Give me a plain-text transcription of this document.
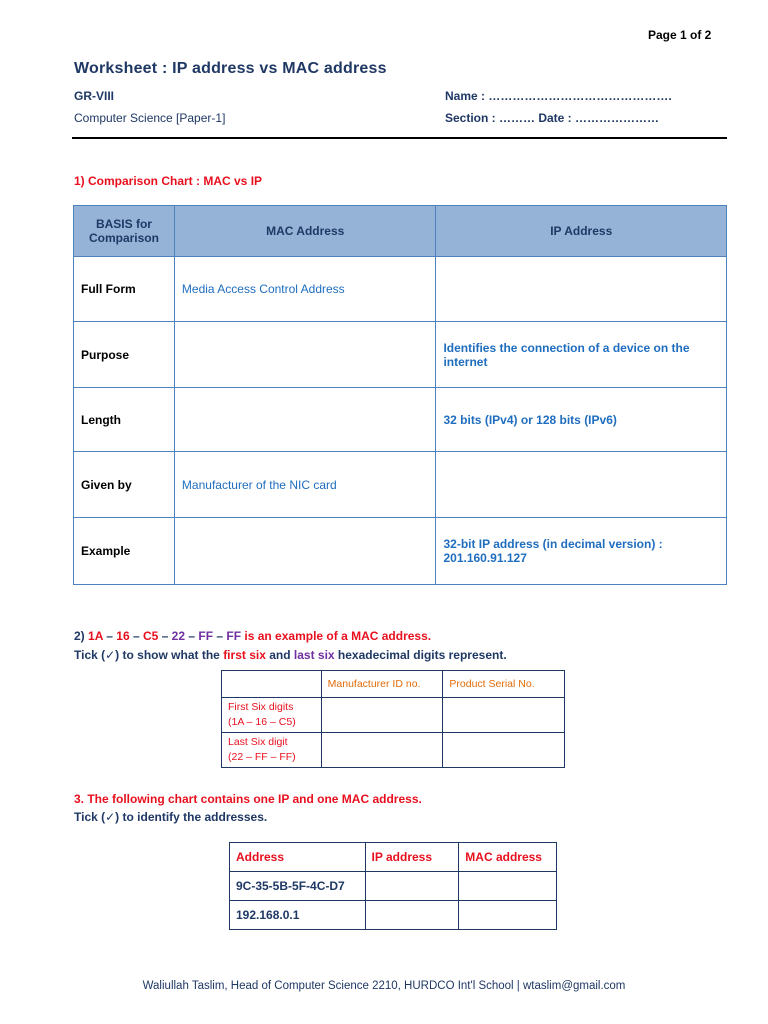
Page 1 of 2
Worksheet : IP address vs MAC address
GR-VIII
Computer Science [Paper-1]
Name : ……………………………………….
Section : ……… Date : …………………
1) Comparison Chart : MAC vs IP
BASIS for Comparison	MAC Address	IP Address
Full Form	Media Access Control Address	
Purpose		Identifies the connection of a device on the internet
Length		32 bits (IPv4) or 128 bits (IPv6)
Given by	Manufacturer of the NIC card	
Example		32-bit IP address (in decimal version) : 201.160.91.127
2) 1A – 16 – C5 – 22 – FF – FF is an example of a MAC address.
Tick (✓) to show what the first six and last six hexadecimal digits represent.
	Manufacturer ID no.	Product Serial No.

First Six digits
(1A – 16 – C5)		

Last Six digit
(22 – FF – FF)		

3. The following chart contains one IP and one MAC address.
Tick (✓) to identify the addresses.
Address	IP address	MAC address
9C-35-5B-5F-4C-D7		
192.168.0.1		
Waliullah Taslim, Head of Computer Science 2210, HURDCO Int'l School | wtaslim@gmail.com
